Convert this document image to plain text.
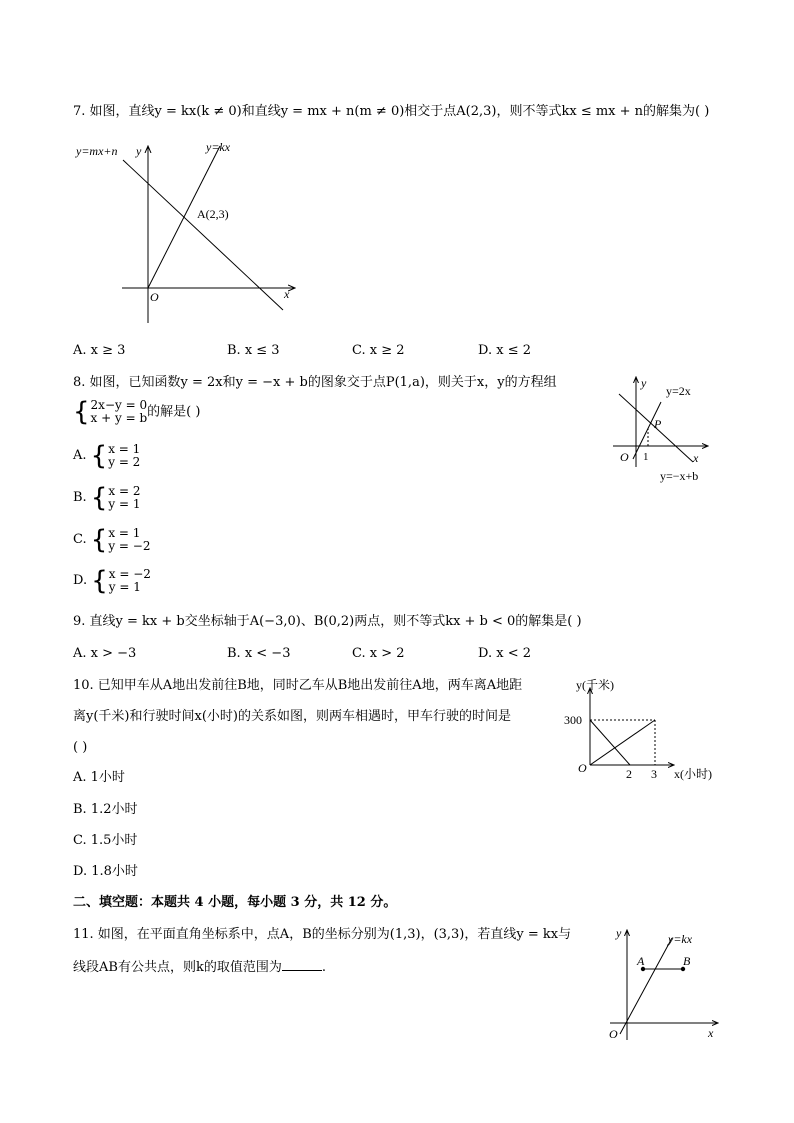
7. 如图，直线y = kx(k ≠ 0)和直线y = mx + n(m ≠ 0)相交于点A(2,3)，则不等式kx ≤ mx + n的解集为( )
y=mx+n y	y=kx
A(2,3)
O	x
A. x ≥ 3	B. x ≤ 3	C. x ≥ 2	D. x ≤ 2
8. 如图，已知函数y = 2x和y = −x + b的图象交于点P(1,a)，则关于x，y的方程组
{ 2x−y = 0
x + y = b 的解是( )
A.
{ x = 1
y = 2
B.
{ x = 2
y = 1
C.
{ x = 1
y = −2
D.
{ x = −2
y = 1
y
y=2x
P
x
O 1
y=−x+b
9. 直线y = kx + b交坐标轴于A(−3,0)、B(0,2)两点，则不等式kx + b < 0的解集是( )
A. x > −3	B. x < −3	C. x > 2	D. x < 2
10. 已知甲车从A地出发前往B地，同时乙车从B地出发前往A地，两车离A地距
离y(千米)和行驶时间x(小时)的关系如图，则两车相遇时，甲车行驶的时间是
( )
A. 1小时
B. 1.2小时
C. 1.5小时
D. 1.8小时
y(千米)
300
O	2 3 x(小时)
二、填空题：本题共 4 小题，每小题 3 分，共 12 分。
11. 如图，在平面直角坐标系中，点A，B的坐标分别为(1,3)，(3,3)，若直线y = kx与
线段AB有公共点，则k的取值范围为	.
y	y=kx
A	B
O	x
